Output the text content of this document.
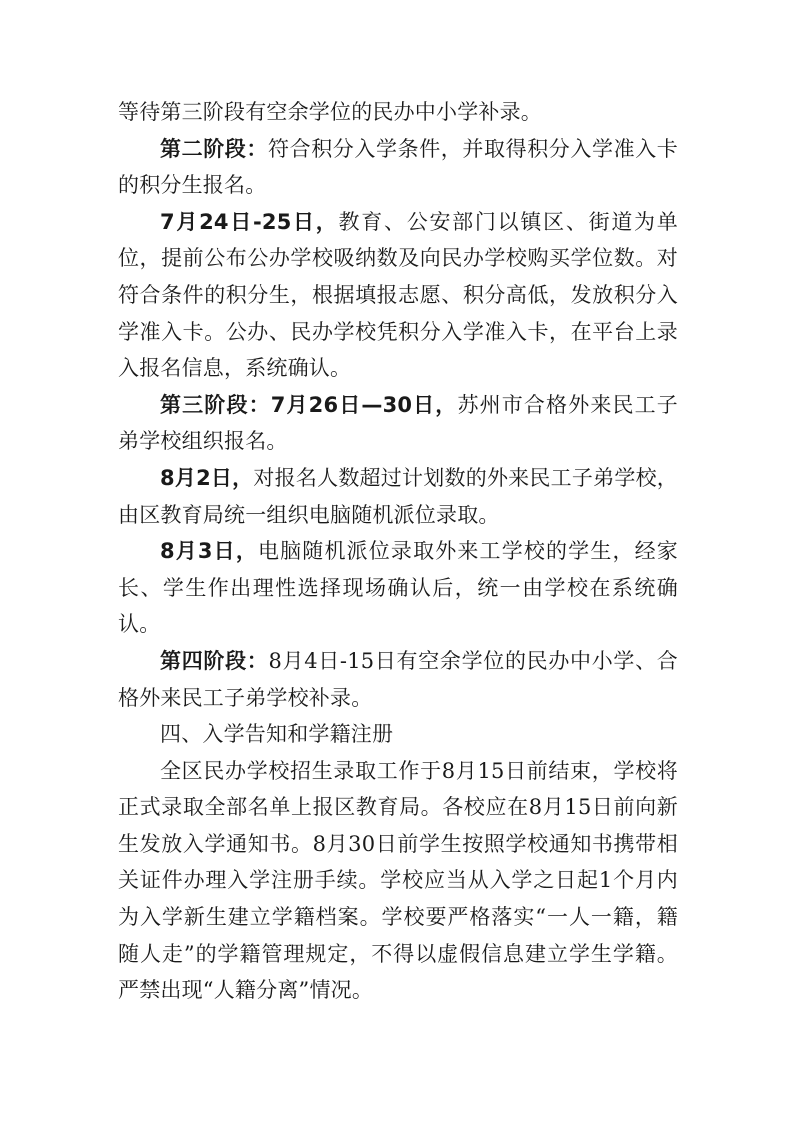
等待第三阶段有空余学位的民办中小学补录。

第二阶段：符合积分入学条件，并取得积分入学准入卡的积分生报名。

7月24日-25日，教育、公安部门以镇区、街道为单位，提前公布公办学校吸纳数及向民办学校购买学位数。对符合条件的积分生，根据填报志愿、积分高低，发放积分入学准入卡。公办、民办学校凭积分入学准入卡，在平台上录入报名信息，系统确认。

第三阶段：7月26日—30日，苏州市合格外来民工子弟学校组织报名。

8月2日，对报名人数超过计划数的外来民工子弟学校，由区教育局统一组织电脑随机派位录取。

8月3日，电脑随机派位录取外来工学校的学生，经家长、学生作出理性选择现场确认后，统一由学校在系统确认。

第四阶段：8月4日-15日有空余学位的民办中小学、合格外来民工子弟学校补录。

四、入学告知和学籍注册

全区民办学校招生录取工作于8月15日前结束，学校将正式录取全部名单上报区教育局。各校应在8月15日前向新生发放入学通知书。8月30日前学生按照学校通知书携带相关证件办理入学注册手续。学校应当从入学之日起1个月内为入学新生建立学籍档案。学校要严格落实“一人一籍，籍随人走”的学籍管理规定，不得以虚假信息建立学生学籍。严禁出现“人籍分离”情况。
